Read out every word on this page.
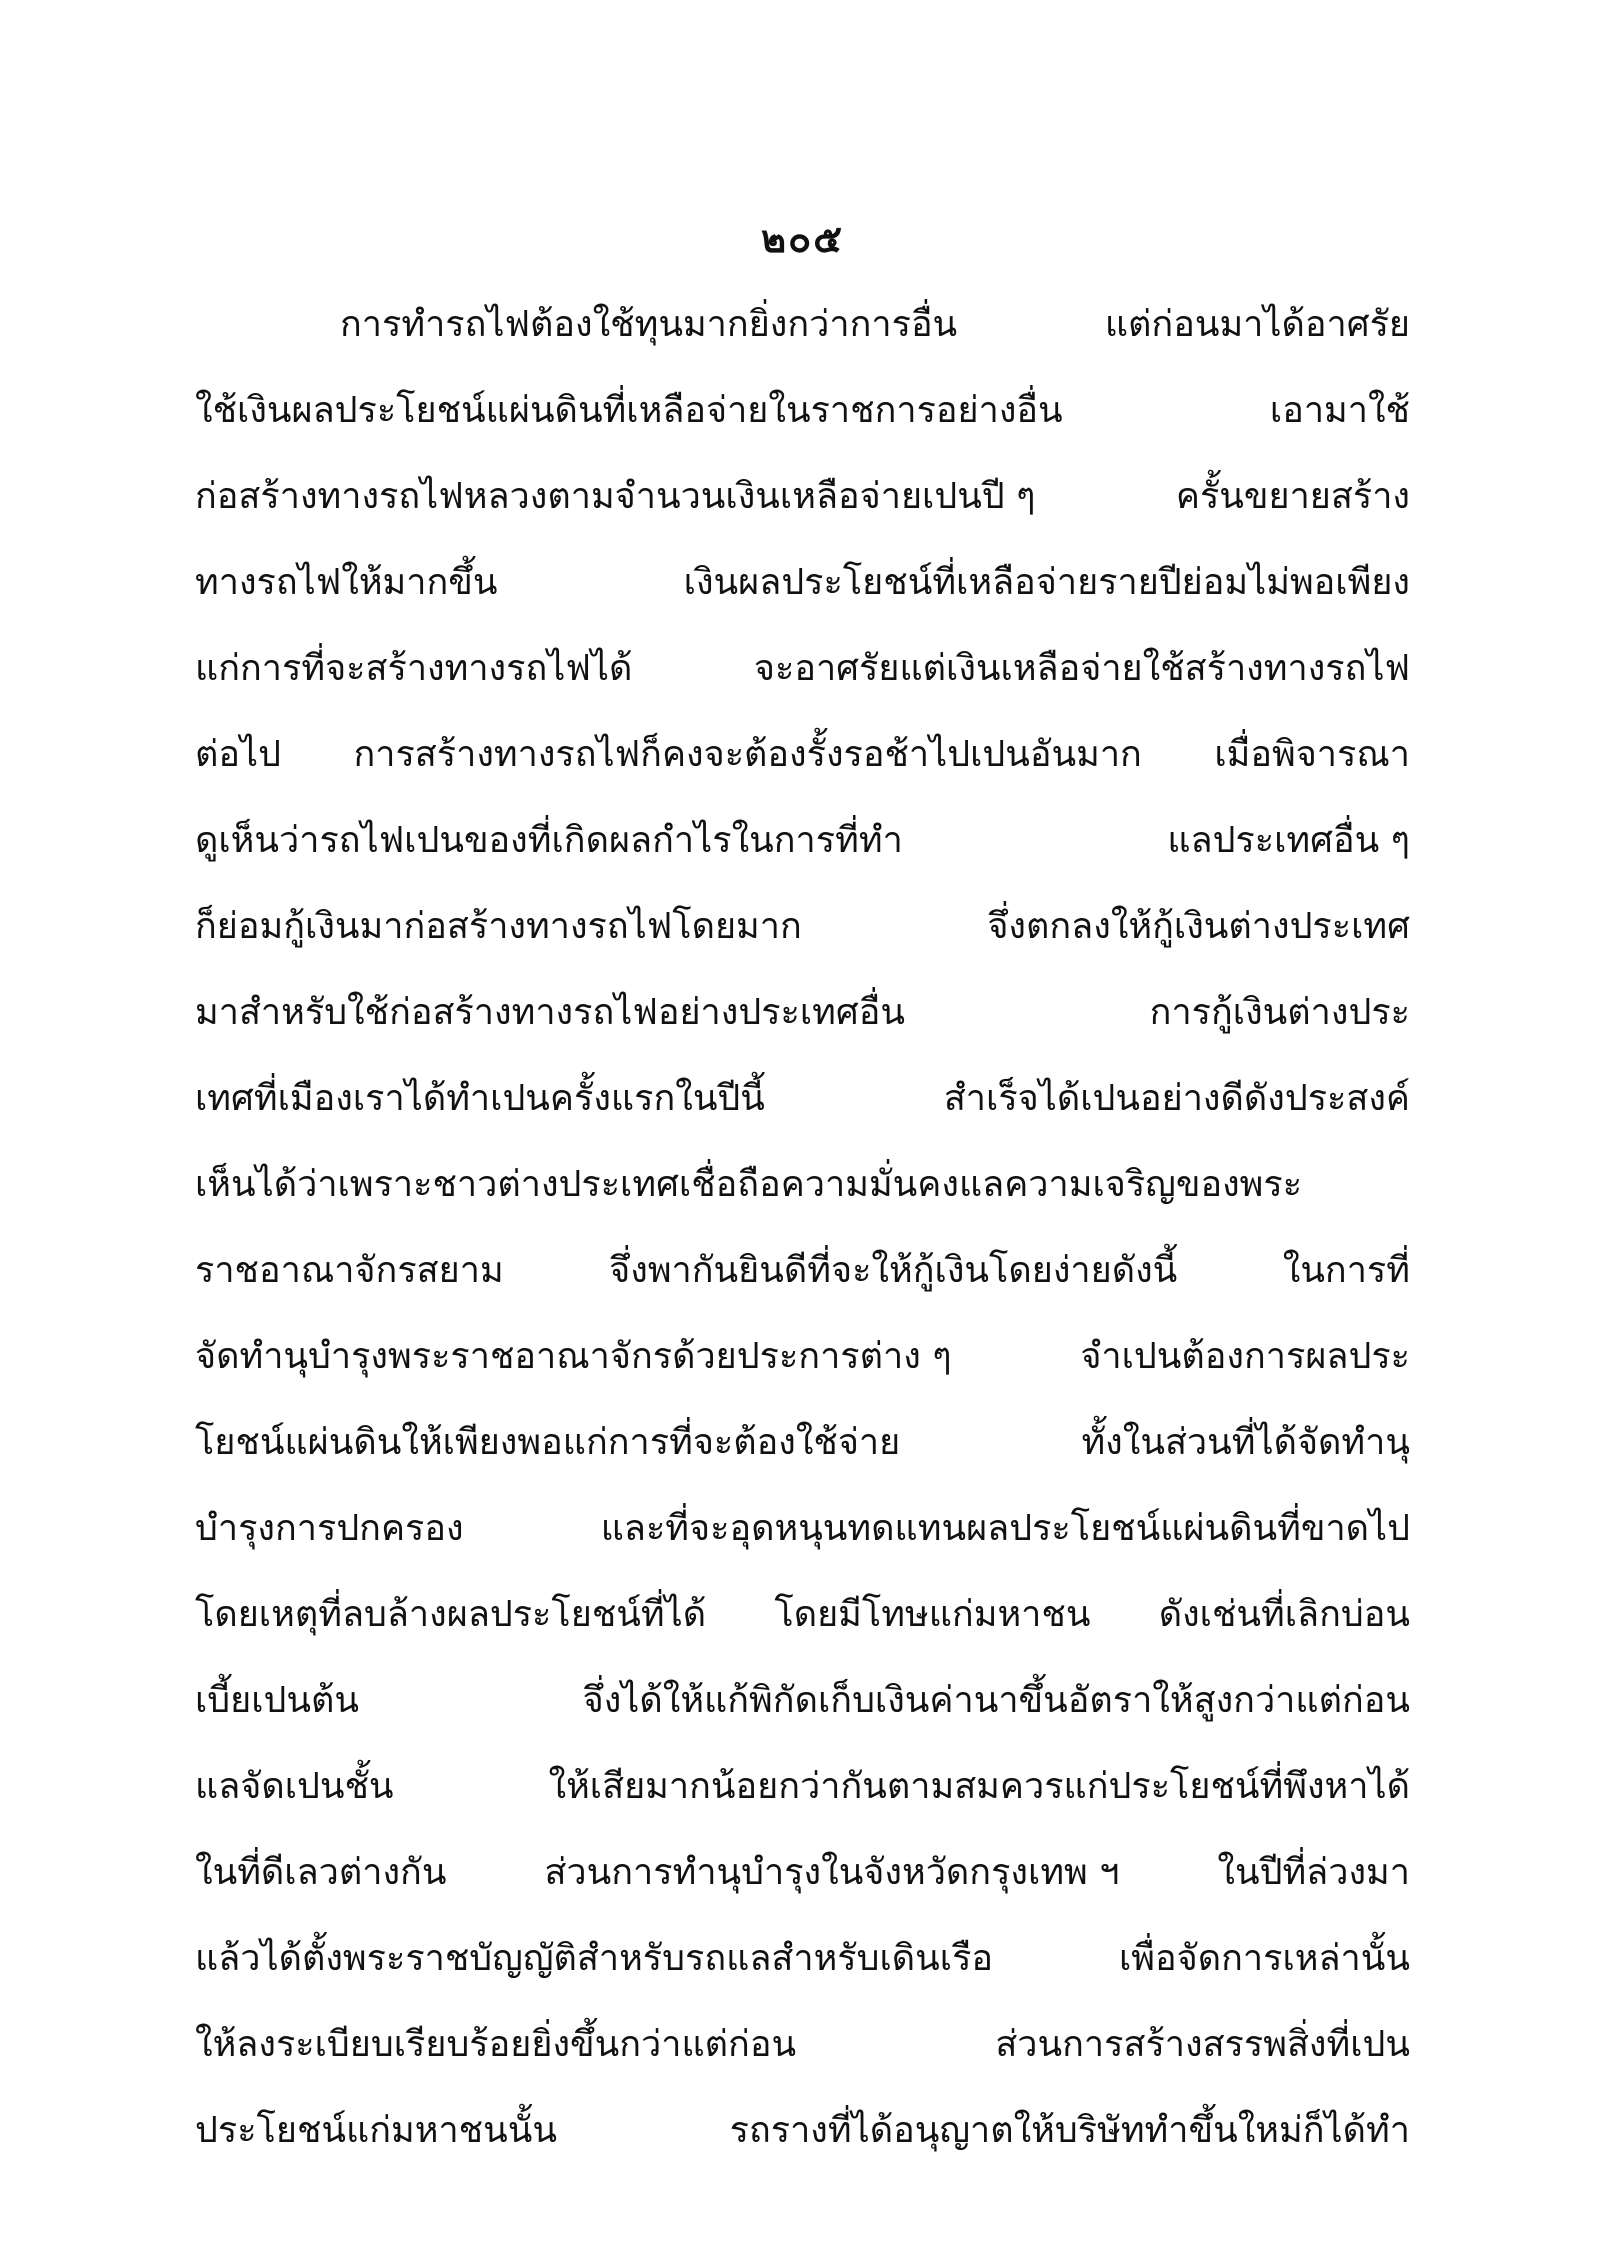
๒๐๕
การทำรถไฟต้องใช้ทุนมากยิ่งกว่าการอื่น	แต่ก่อนมาได้อาศรัย
ใช้เงินผลประโยชน์แผ่นดินที่เหลือจ่ายในราชการอย่างอื่น	เอามาใช้
ก่อสร้างทางรถไฟหลวงตามจำนวนเงินเหลือจ่ายเปนปี ๆ	ครั้นขยายสร้าง
ทางรถไฟให้มากขึ้น	เงินผลประโยชน์ที่เหลือจ่ายรายปีย่อมไม่พอเพียง
แก่การที่จะสร้างทางรถไฟได้	จะอาศรัยแต่เงินเหลือจ่ายใช้สร้างทางรถไฟ
ต่อไป การสร้างทางรถไฟก็คงจะต้องรั้งรอช้าไปเปนอันมาก เมื่อพิจารณา
ดูเห็นว่ารถไฟเปนของที่เกิดผลกำไรในการที่ทำ	แลประเทศอื่น ๆ
ก็ย่อมกู้เงินมาก่อสร้างทางรถไฟโดยมาก	จึ่งตกลงให้กู้เงินต่างประเทศ
มาสำหรับใช้ก่อสร้างทางรถไฟอย่างประเทศอื่น	การกู้เงินต่างประ
เทศที่เมืองเราได้ทำเปนครั้งแรกในปีนี้	สำเร็จได้เปนอย่างดีดังประสงค์
เห็นได้ว่าเพราะชาวต่างประเทศเชื่อถือความมั่นคงแลความเจริญของพระ
ราชอาณาจักรสยาม	จึ่งพากันยินดีที่จะให้กู้เงินโดยง่ายดังนี้	ในการที่
จัดทำนุบำรุงพระราชอาณาจักรด้วยประการต่าง ๆ	จำเปนต้องการผลประ
โยชน์แผ่นดินให้เพียงพอแก่การที่จะต้องใช้จ่าย	ทั้งในส่วนที่ได้จัดทำนุ
บำรุงการปกครอง	และที่จะอุดหนุนทดแทนผลประโยชน์แผ่นดินที่ขาดไป
โดยเหตุที่ลบล้างผลประโยชน์ที่ได้ โดยมีโทษแก่มหาชน ดังเช่นที่เลิกบ่อน
เบี้ยเปนต้น	จึ่งได้ให้แก้พิกัดเก็บเงินค่านาขึ้นอัตราให้สูงกว่าแต่ก่อน
แลจัดเปนชั้น	ให้เสียมากน้อยกว่ากันตามสมควรแก่ประโยชน์ที่พึงหาได้
ในที่ดีเลวต่างกัน	ส่วนการทำนุบำรุงในจังหวัดกรุงเทพ ฯ	ในปีที่ล่วงมา
แล้วได้ตั้งพระราชบัญญัติสำหรับรถแลสำหรับเดินเรือ	เพื่อจัดการเหล่านั้น
ให้ลงระเบียบเรียบร้อยยิ่งขึ้นกว่าแต่ก่อน	ส่วนการสร้างสรรพสิ่งที่เปน
ประโยชน์แก่มหาชนนั้น	รถรางที่ได้อนุญาตให้บริษัททำขึ้นใหม่ก็ได้ทำ
